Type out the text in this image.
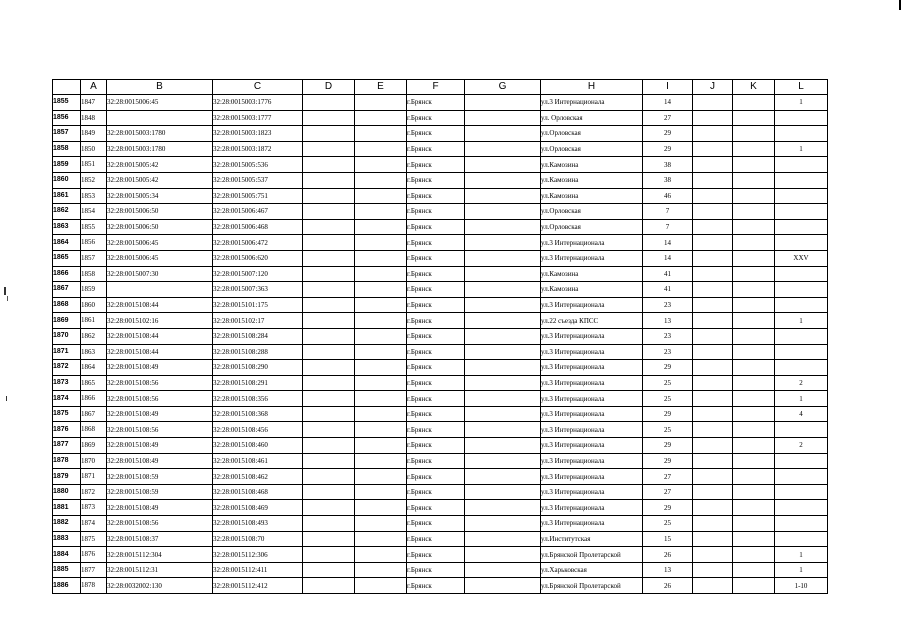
	A	B	C	D	E	F	G	H	I	J	K	L
1855	1847	32:28:0015006:45	32:28:0015003:1776			г.Брянск		ул.3 Интернационала	14			1
1856	1848		32:28:0015003:1777			г.Брянск		ул. Орловская	27			
1857	1849	32:28:0015003:1780	32:28:0015003:1823			г.Брянск		ул.Орловская	29			
1858	1850	32:28:0015003:1780	32:28:0015003:1872			г.Брянск		ул.Орловская	29			1
1859	1851	32:28:0015005:42	32:28:0015005:536			г.Брянск		ул.Камозина	38			
1860	1852	32:28:0015005:42	32:28:0015005:537			г.Брянск		ул.Камозина	38			
1861	1853	32:28:0015005:34	32:28:0015005:751			г.Брянск		ул.Камозина	46			
1862	1854	32:28:0015006:50	32:28:0015006:467			г.Брянск		ул.Орловская	7			
1863	1855	32:28:0015006:50	32:28:0015006:468			г.Брянск		ул.Орловская	7			
1864	1856	32:28:0015006:45	32:28:0015006:472			г.Брянск		ул.3 Интернационала	14			
1865	1857	32:28:0015006:45	32:28:0015006:620			г.Брянск		ул.3 Интернационала	14			XXV
1866	1858	32:28:0015007:30	32:28:0015007:120			г.Брянск		ул.Камозина	41			
1867	1859		32:28:0015007:363			г.Брянск		ул.Камозина	41			
1868	1860	32:28:0015108:44	32:28:0015101:175			г.Брянск		ул.3 Интернационала	23			
1869	1861	32:28:0015102:16	32:28:0015102:17			г.Брянск		ул.22 съезда КПСС	13			1
1870	1862	32:28:0015108:44	32:28:0015108:284			г.Брянск		ул.3 Интернационала	23			
1871	1863	32:28:0015108:44	32:28:0015108:288			г.Брянск		ул.3 Интернационала	23			
1872	1864	32:28:0015108:49	32:28:0015108:290			г.Брянск		ул.3 Интернационала	29			
1873	1865	32:28:0015108:56	32:28:0015108:291			г.Брянск		ул.3 Интернационала	25			2
1874	1866	32:28:0015108:56	32:28:0015108:356			г.Брянск		ул.3 Интернационала	25			1
1875	1867	32:28:0015108:49	32:28:0015108:368			г.Брянск		ул.3 Интернационала	29			4
1876	1868	32:28:0015108:56	32:28:0015108:456			г.Брянск		ул.3 Интернационала	25			
1877	1869	32:28:0015108:49	32:28:0015108:460			г.Брянск		ул.3 Интернационала	29			2
1878	1870	32:28:0015108:49	32:28:0015108:461			г.Брянск		ул.3 Интернационала	29			
1879	1871	32:28:0015108:59	32:28:0015108:462			г.Брянск		ул.3 Интернационала	27			
1880	1872	32:28:0015108:59	32:28:0015108:468			г.Брянск		ул.3 Интернационала	27			
1881	1873	32:28:0015108:49	32:28:0015108:469			г.Брянск		ул.3 Интернационала	29			
1882	1874	32:28:0015108:56	32:28:0015108:493			г.Брянск		ул.3 Интернационала	25			
1883	1875	32:28:0015108:37	32:28:0015108:70			г.Брянск		ул.Институтская	15			
1884	1876	32:28:0015112:304	32:28:0015112:306			г.Брянск		ул.Брянской Пролетарской	26			1
1885	1877	32:28:0015112:31	32:28:0015112:411			г.Брянск		ул.Харьковская	13			1
1886	1878	32:28:0032002:130	32:28:0015112:412			г.Брянск		ул.Брянской Пролетарской	26			1-10
